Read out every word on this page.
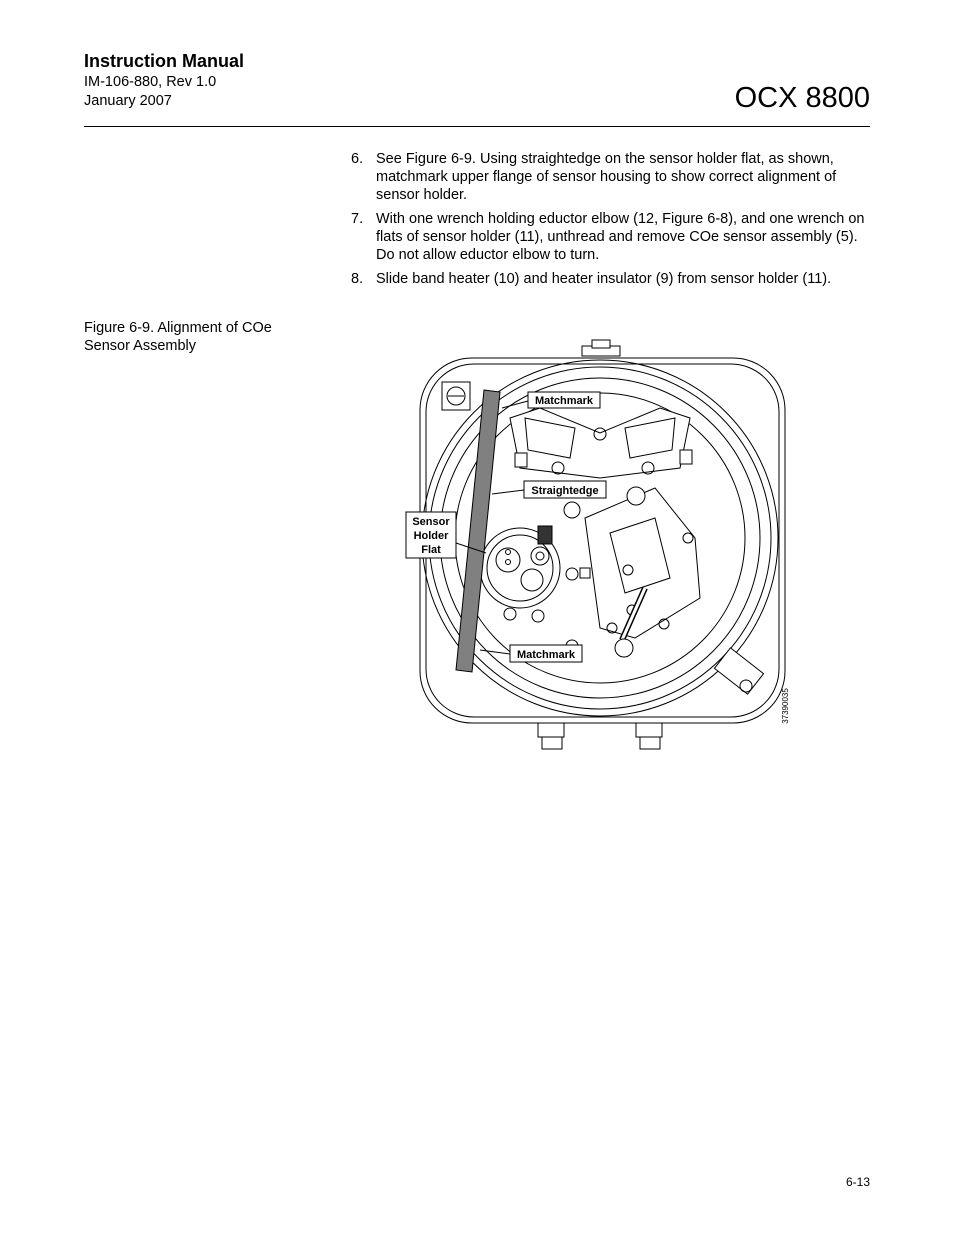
Instruction Manual
IM-106-880, Rev 1.0
January 2007	OCX 8800
6. See Figure 6-9. Using straightedge on the sensor holder flat, as shown, matchmark upper flange of sensor housing to show correct alignment of sensor holder.
7. With one wrench holding eductor elbow (12, Figure 6-8), and one wrench on flats of sensor holder (11), unthread and remove COe sensor assembly (5). Do not allow eductor elbow to turn.
8. Slide band heater (10) and heater insulator (9) from sensor holder (11).
Figure 6-9. Alignment of COe Sensor Assembly
Matchmark
Straightedge
Sensor
Holder
Flat
Matchmark
37390035
6-13
